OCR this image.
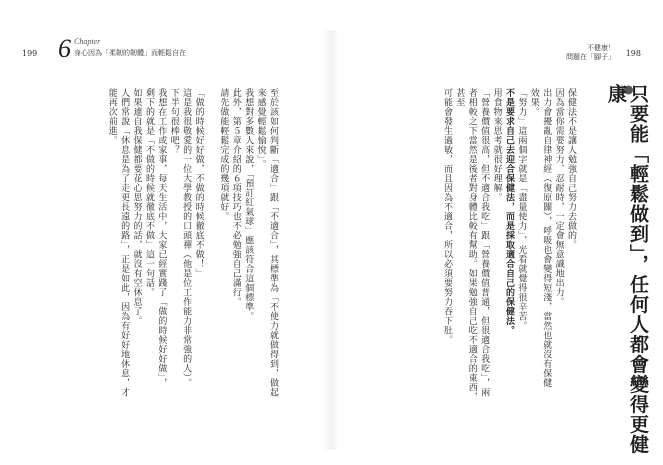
199 6 Chapter
身心因為「柔韌的韌體」而輕鬆自在
至於該如何判斷「適合」跟「不適合」，其標準為「不使力就做得到，做起
來感覺輕鬆愉悅」。
我想對多數人來說，「預訂紅氣球」應該符合這個標準。
此外，第５章介紹的６項技巧也不必勉強自己滿行。
請先做能輕鬆完成的幾項就好。

「做的時候好好做，不做的時候徹底不做！」
這是我很敬愛的一位大學教授的口頭禪（他是位工作能力非常強的人）。
下半句很棒吧？
我想在工作或家事，每天生活中，大家已經實踐了「做的時候好好做」，
剩下的就是「不做的時候就徹底不做」這一句話。
如果連自我保健都要花心思努力的話，就沒有空休息了。
人們常說「休息是為了走更長遠的路」，正是如此，因為有好好地休息，才
能再次前進。
不健康！
問題在「腳子」 198
只要能「輕鬆做到」，任何人都會變得更健康
保健法不是讓人勉強自己努力去做的。
因為當你需要努力、忍耐時，一定會無意識地出力。
出力會擾亂自律神經（復原關），呼吸也會變得短淺，當然也就沒有保健
效果。
「努力」這兩個字就是「盡量使力」，光看就覺得很辛苦。
不是要求自己去迎合保健法，而是採取適合自己的保健法。
用食物來思考就很好理解。
「營養價值很高，但不適合我吃」跟「營養價值普通，但很適合我吃」，兩
者相較之下當然是後者對身體比較有幫助。如果勉強自己吃不適合的東西，甚至
可能會發生過敏，而且因為不適合，所以必須要努力吞下肚。
